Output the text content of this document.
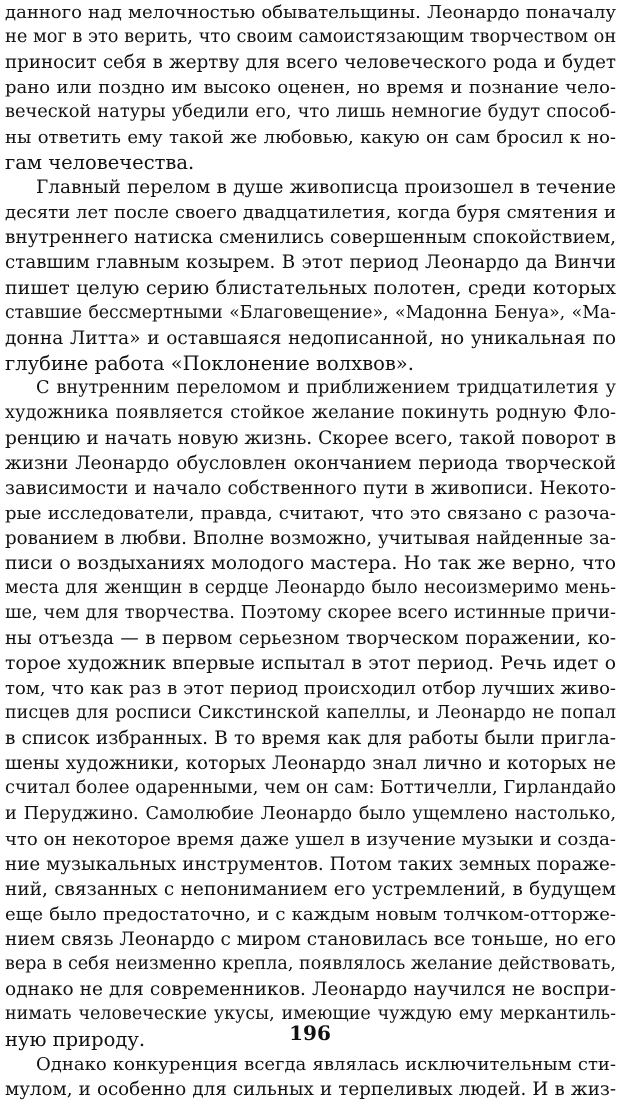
данного над мелочностью обывательщины. Леонардо поначалу
не мог в это верить, что своим самоистязающим творчеством он
приносит себя в жертву для всего человеческого рода и будет
рано или поздно им высоко оценен, но время и познание чело-
веческой натуры убедили его, что лишь немногие будут способ-
ны ответить ему такой же любовью, какую он сам бросил к но-
гам человечества.
Главный перелом в душе живописца произошел в течение
десяти лет после своего двадцатилетия, когда буря смятения и
внутреннего натиска сменились совершенным спокойствием,
ставшим главным козырем. В этот период Леонардо да Винчи
пишет целую серию блистательных полотен, среди которых
ставшие бессмертными «Благовещение», «Мадонна Бенуа», «Ма-
донна Литта» и оставшаяся недописанной, но уникальная по
глубине работа «Поклонение волхвов».
С внутренним переломом и приближением тридцатилетия у
художника появляется стойкое желание покинуть родную Фло-
ренцию и начать новую жизнь. Скорее всего, такой поворот в
жизни Леонардо обусловлен окончанием периода творческой
зависимости и начало собственного пути в живописи. Некото-
рые исследователи, правда, считают, что это связано с разоча-
рованием в любви. Вполне возможно, учитывая найденные за-
писи о воздыханиях молодого мастера. Но так же верно, что
места для женщин в сердце Леонардо было несоизмеримо мень-
ше, чем для творчества. Поэтому скорее всего истинные причи-
ны отъезда — в первом серьезном творческом поражении, ко-
торое художник впервые испытал в этот период. Речь идет о
том, что как раз в этот период происходил отбор лучших живо-
писцев для росписи Сикстинской капеллы, и Леонардо не попал
в список избранных. В то время как для работы были пригла-
шены художники, которых Леонардо знал лично и которых не
считал более одаренными, чем он сам: Боттичелли, Гирландайо
и Перуджино. Самолюбие Леонардо было ущемлено настолько,
что он некоторое время даже ушел в изучение музыки и созда-
ние музыкальных инструментов. Потом таких земных пораже-
ний, связанных с непониманием его устремлений, в будущем
еще было предостаточно, и с каждым новым толчком-отторже-
нием связь Леонардо с миром становилась все тоньше, но его
вера в себя неизменно крепла, появлялось желание действовать,
однако не для современников. Леонардо научился не воспри-
нимать человеческие укусы, имеющие чуждую ему меркантиль-
ную природу.
Однако конкуренция всегда являлась исключительным сти-
мулом, и особенно для сильных и терпеливых людей. И в жиз-
196
